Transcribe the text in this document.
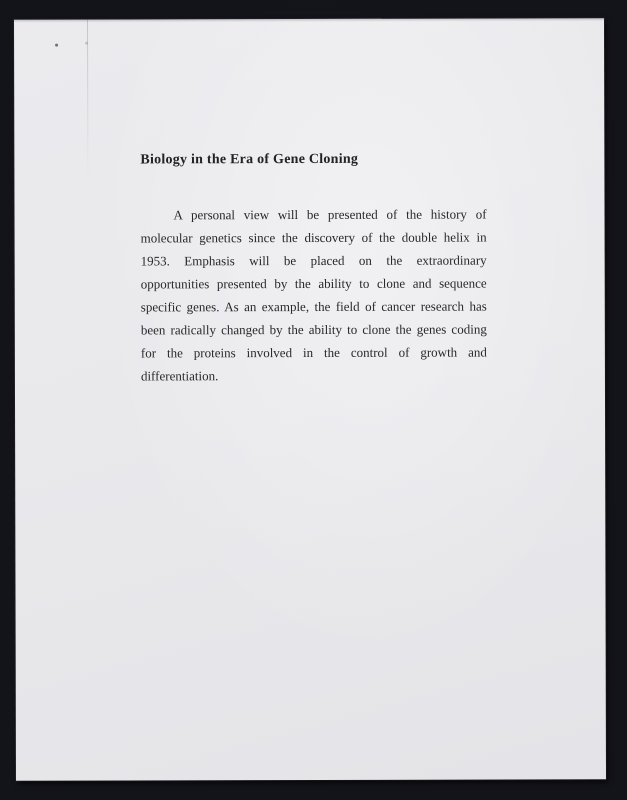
Biology in the Era of Gene Cloning

A personal view will be presented of the history of molecular genetics since the discovery of the double helix in 1953. Emphasis will be placed on the extraordinary opportunities presented by the ability to clone and sequence specific genes. As an example, the field of cancer research has been radically changed by the ability to clone the genes coding for the proteins involved in the control of growth and differentiation.
